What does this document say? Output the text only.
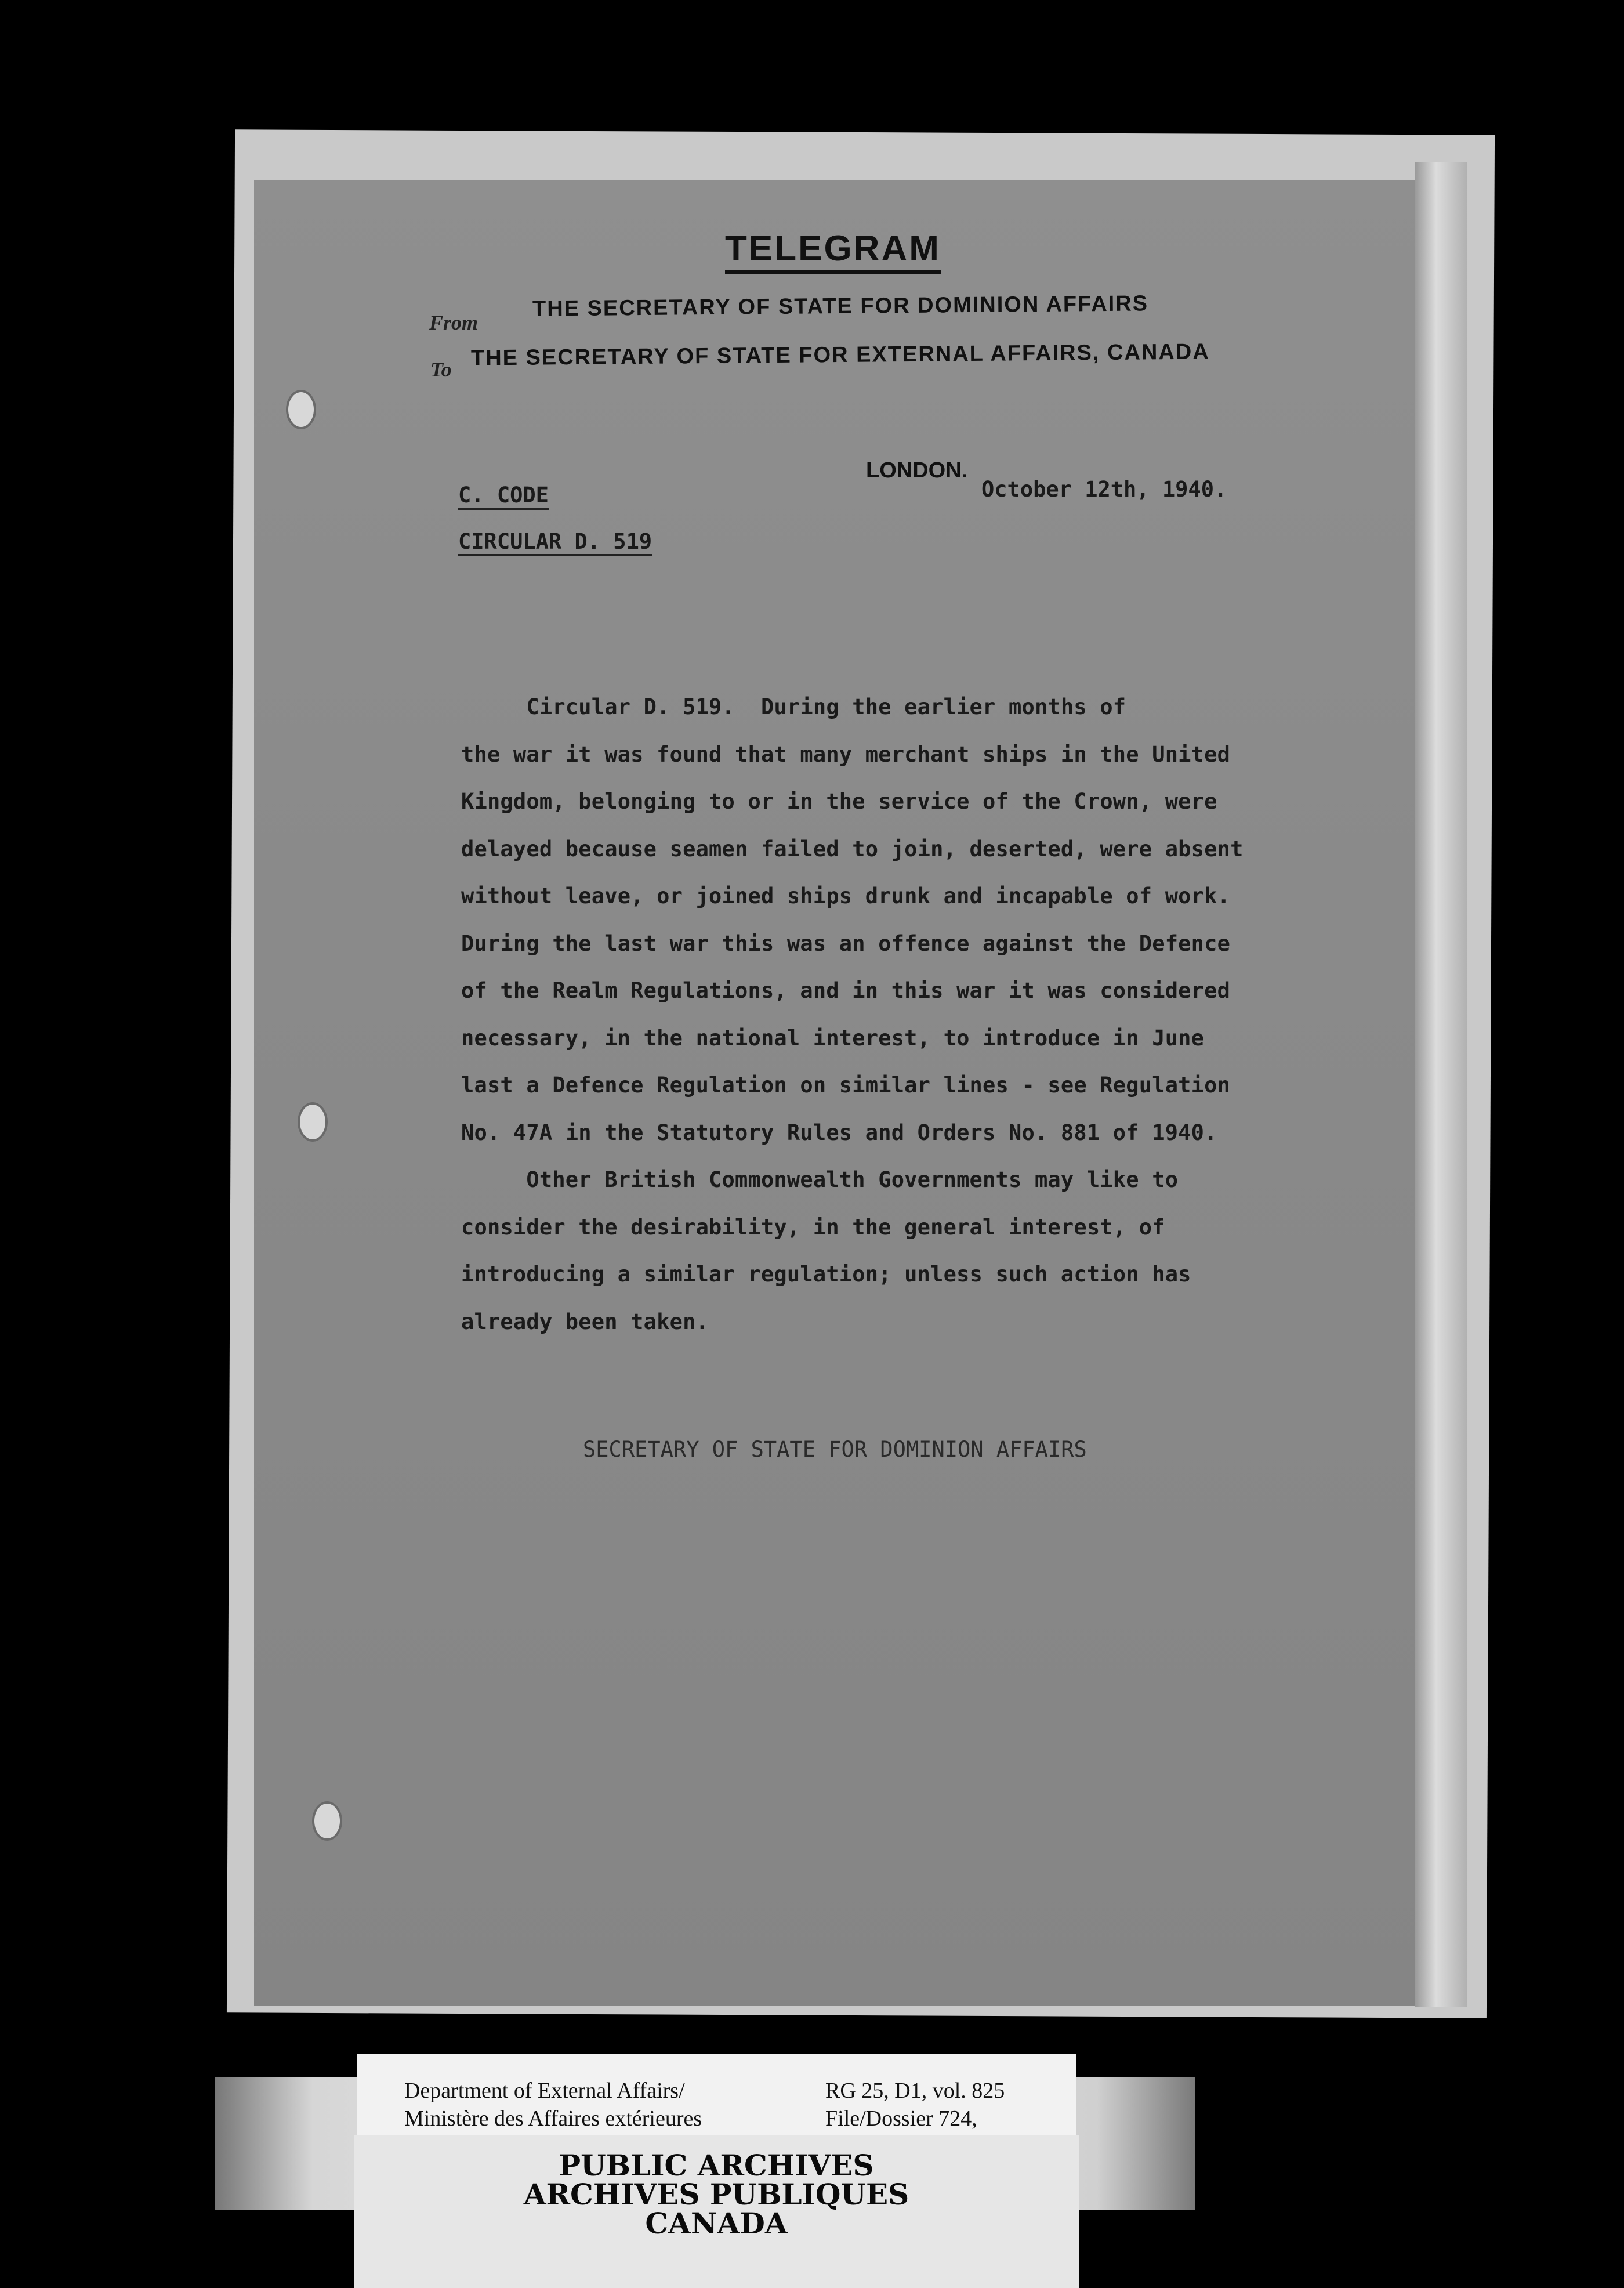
TELEGRAM
From
THE SECRETARY OF STATE FOR DOMINION AFFAIRS
To THE SECRETARY OF STATE FOR EXTERNAL AFFAIRS, CANADA
LONDON.
October 12th, 1940.
C. CODE
CIRCULAR D. 519

Circular D. 519.  During the earlier months of

the war it was found that many merchant ships in the United

Kingdom, belonging to or in the service of the Crown, were

delayed because seamen failed to join, deserted, were absent

without leave, or joined ships drunk and incapable of work.

During the last war this was an offence against the Defence

of the Realm Regulations, and in this war it was considered

necessary, in the national interest, to introduce in June

last a Defence Regulation on similar lines - see Regulation

No. 47A in the Statutory Rules and Orders No. 881 of 1940.

Other British Commonwealth Governments may like to

consider the desirability, in the general interest, of

introducing a similar regulation; unless such action has

already been taken.

SECRETARY OF STATE FOR DOMINION AFFAIRS
Department of External Affairs/
Ministère des Affaires extérieures
RG 25, D1, vol. 825
File/Dossier 724,
PUBLIC ARCHIVES
ARCHIVES PUBLIQUES
CANADA
